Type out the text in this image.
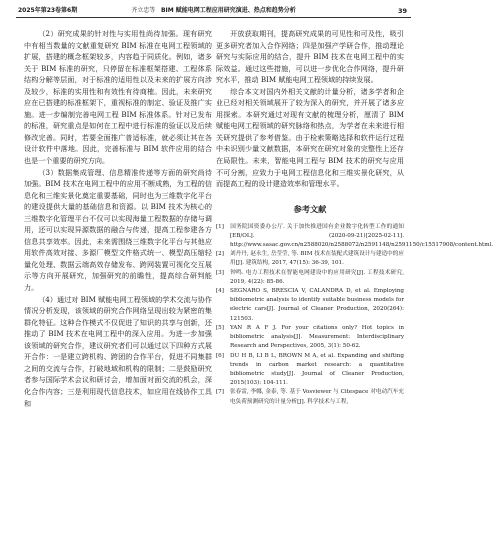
2025年第23卷第6期	齐立忠等 BIM 赋能电网工程应用研究演进、热点和趋势分析	39

（2）研究成果的针对性与实用性尚待加强。现有研究中有相当数量的文献重复研究 BIM 标准在电网工程领域的扩展，搭建的概念框架较多，内容趋于同质化。例如，诸多关于 BIM 标准的研究，只停留在标准框架搭建、工程体系结构分解等层面，对于标准的适用性以及未来的扩展方向涉及较少，标准的实用性和有效性有待商榷。因此，未来研究应在已搭建的标准框架下，重视标准的制定、验证及推广实施。进一步编制完善电网工程 BIM 标准体系。针对已发布的标准，研究重点是如何在工程中进行标准的验证以及后续修改完善。同时，若要全面推广普适标准，就必须让其在各设计软件中落地。因此，完善标准与 BIM 软件应用的结合也是一个重要的研究方向。

（3）数据集成管理、信息精准传递等方面的研究尚待加强。BIM 技术在电网工程中的应用不断成熟，为工程的信息化和三维实景化奠定重要基础，同时也为三维数字化平台的建设提供大量的基础信息和资源。以 BIM 技术为核心的三维数字化管理平台不仅可以实现海量工程数据的存储与调用，还可以实现异源数据的融合与传递，提高工程参建各方信息共享效率。因此，未来需围绕三维数字化平台与其他应用软件高效对接、多源厂模型文件格式统一、模型高压缩轻量化处理、数据云端高效存储发布、跨网装置可视化交互展示等方向开展研究，加强研究的前瞻性，提高综合研判能力。

（4）通过对 BIM 赋能电网工程领域的学术交流与协作情况分析发现，该领域的研究合作网络呈现出较为紧密的集群化特征。这种合作模式不仅促进了知识的共享与创新，还推动了 BIM 技术在电网工程中的深入应用。为进一步加强该领域的研究合作，建议研究者们可以通过以下四种方式展开合作：一是建立跨机构、跨团的合作平台，促进不同集群之间的交流与合作，打破地域和机构的限制；二是鼓励研究者参与国际学术会议和研讨会，增加面对面交流的机会，深化合作内容；三是利用现代信息技术，如应用在线协作工具和

开放获取期刊，提高研究成果的可见性和可及性，吸引更多研究者加入合作网络；四是加强产学研合作，推动理论研究与实际应用的结合，提升 BIM 技术在电网工程中的实际效益。通过这些措施，可以进一步优化合作网络，提升研究水平，推动 BIM 赋能电网工程领域的持续发展。

综合本文对国内外相关文献的计量分析，诸多学者和企业已经对相关领域展开了较为深入的研究，并开展了诸多应用探索。本研究通过对现有文献的梳理分析，厘清了 BIM 赋能电网工程领域的研究脉络和热点，为学者在未来进行相关研究提供了参考借鉴。由于检索策略选择和软件运行过程中未识别少量文献数据，本研究在研究对象的完整性上还存在局限性。未来，智能电网工程与 BIM 技术的研究与应用不可分割，应致力于电网工程信息化和三维实景化研究，从而提高工程的设计建造效率和管理水平。

参考文献

[1] 国务院国资委办公厅. 关于加快推进国有企业数字化转型工作的通知[EB/OL]. (2020-09-21)[2025-02-11]. http://www.sasac.gov.cn/n2588020/n2588072/n2591148/n2591150/c15517908/content.html.

[2] 刘丹丹, 赵永生, 岳莹莹, 等. BIM 技术在装配式建筑设计与建造中的应用[J]. 建筑结构, 2017, 47(15): 36-39, 101.

[3] 钟鸣. 电力工程技术在智能电网建设中的应用研究[J]. 工程技术研究, 2019, 4(22): 85-86.

[4] SEGNARO S, BRESCIA V, CALANDRA D, et al. Employing bibliometric analysis to identify suitable business models for electric cars[J]. Journal of Cleaner Production, 2020(264): 121503.

[5] YAN R A F J. For your citations only? Hot topics in bibliometric analysis[J]. Measurement: Interdisciplinary Research and Perspectives, 2005, 3(1): 50-62.

[6] DU H B, LI B L, BROWN M A, et al. Expanding and shifting trends in carbon market research: a quantitative bibliometric study[J]. Journal of Cleaner Production, 2015(103): 104-111.

[7] 张春雷, 李娜, 金泰, 等. 基于 Vosviewer 与 Citespace 对电动汽车充电负荷预测研究的计量分析[J]. 科学技术与工程,
